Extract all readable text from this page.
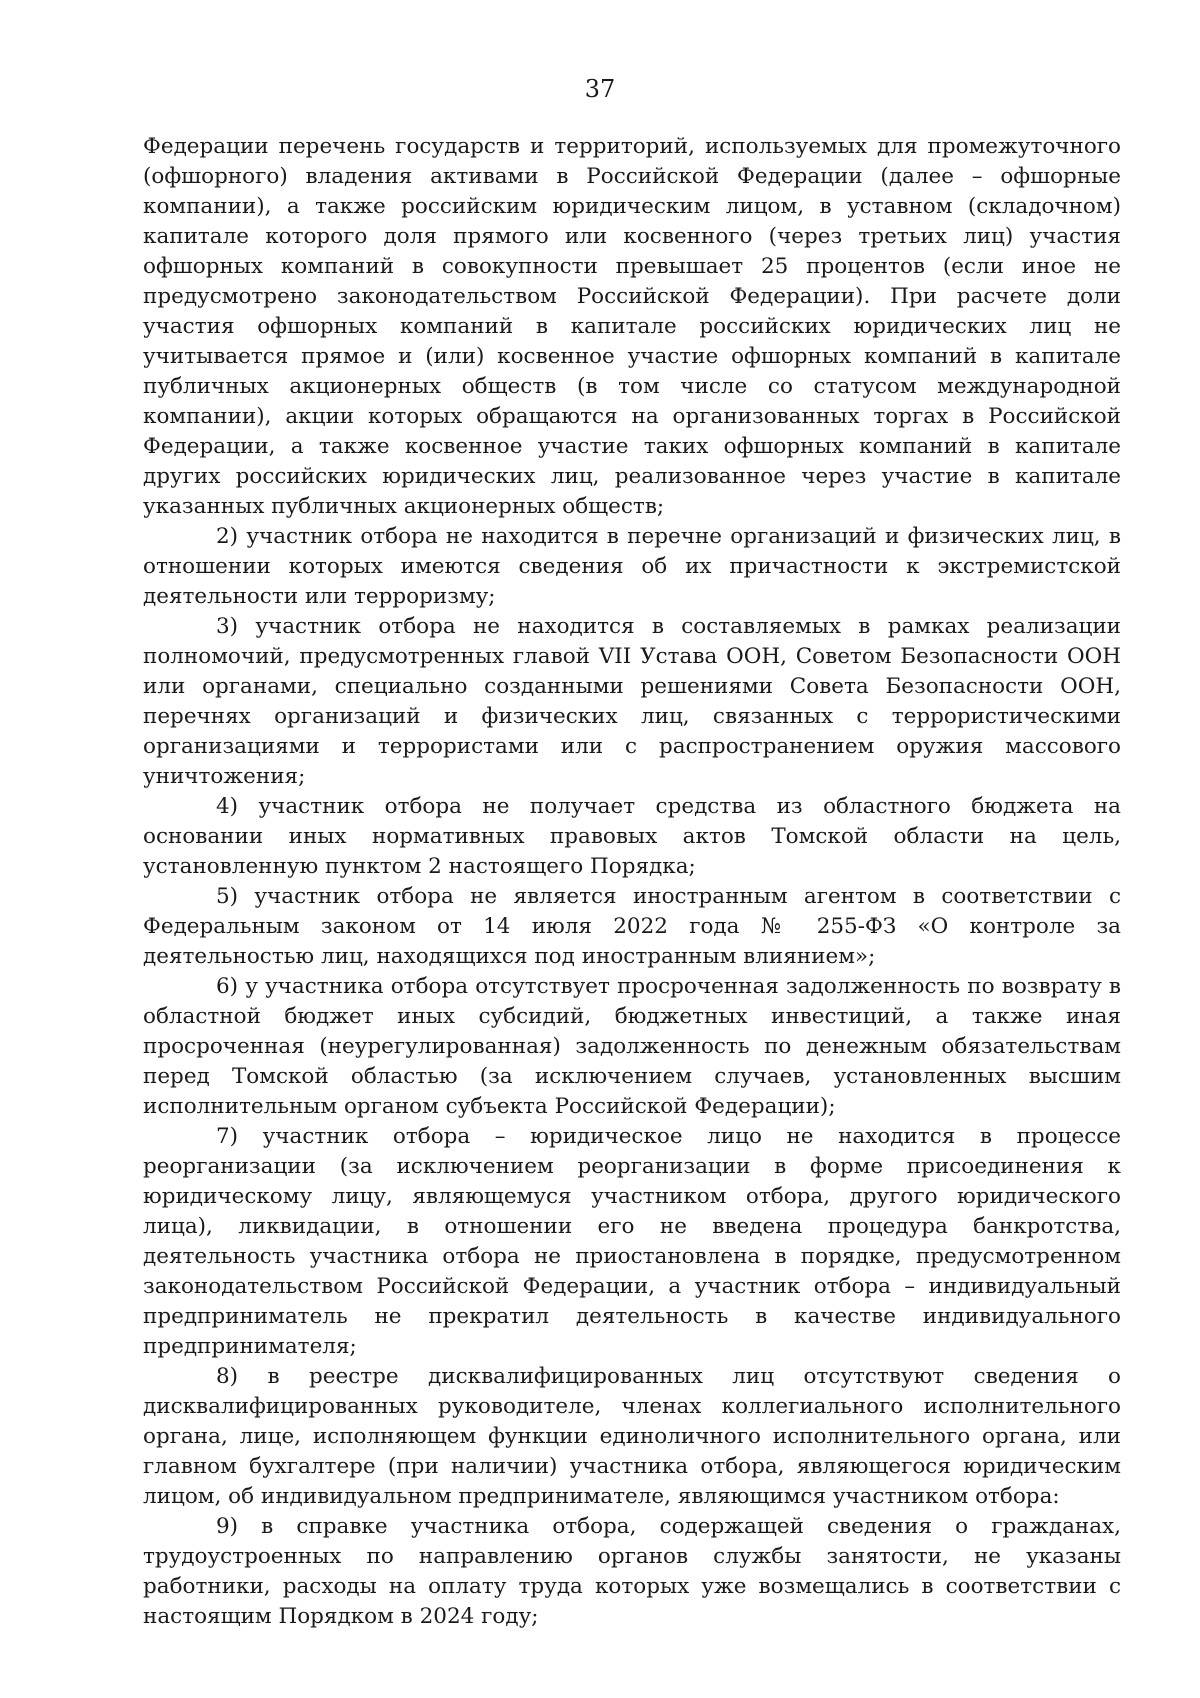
37

Федерации перечень государств и территорий, используемых для промежуточного (офшорного) владения активами в Российской Федерации (далее – офшорные компании), а также российским юридическим лицом, в уставном (складочном) капитале которого доля прямого или косвенного (через третьих лиц) участия офшорных компаний в совокупности превышает 25 процентов (если иное не предусмотрено законодательством Российской Федерации). При расчете доли участия офшорных компаний в капитале российских юридических лиц не учитывается прямое и (или) косвенное участие офшорных компаний в капитале публичных акционерных обществ (в том числе со статусом международной компании), акции которых обращаются на организованных торгах в Российской Федерации, а также косвенное участие таких офшорных компаний в капитале других российских юридических лиц, реализованное через участие в капитале указанных публичных акционерных обществ;

2) участник отбора не находится в перечне организаций и физических лиц, в отношении которых имеются сведения об их причастности к экстремистской деятельности или терроризму;

3) участник отбора не находится в составляемых в рамках реализации полномочий, предусмотренных главой VII Устава ООН, Советом Безопасности ООН или органами, специально созданными решениями Совета Безопасности ООН, перечнях организаций и физических лиц, связанных с террористическими организациями и террористами или с распространением оружия массового уничтожения;

4) участник отбора не получает средства из областного бюджета на основании иных нормативных правовых актов Томской области на цель, установленную пунктом 2 настоящего Порядка;

5) участник отбора не является иностранным агентом в соответствии с Федеральным законом от 14 июля 2022 года № 255-ФЗ «О контроле за деятельностью лиц, находящихся под иностранным влиянием»;

6) у участника отбора отсутствует просроченная задолженность по возврату в областной бюджет иных субсидий, бюджетных инвестиций, а также иная просроченная (неурегулированная) задолженность по денежным обязательствам перед Томской областью (за исключением случаев, установленных высшим исполнительным органом субъекта Российской Федерации);

7) участник отбора – юридическое лицо не находится в процессе реорганизации (за исключением реорганизации в форме присоединения к юридическому лицу, являющемуся участником отбора, другого юридического лица), ликвидации, в отношении его не введена процедура банкротства, деятельность участника отбора не приостановлена в порядке, предусмотренном законодательством Российской Федерации, а участник отбора – индивидуальный предприниматель не прекратил деятельность в качестве индивидуального предпринимателя;

8) в реестре дисквалифицированных лиц отсутствуют сведения о дисквалифицированных руководителе, членах коллегиального исполнительного органа, лице, исполняющем функции единоличного исполнительного органа, или главном бухгалтере (при наличии) участника отбора, являющегося юридическим лицом, об индивидуальном предпринимателе, являющимся участником отбора:

9) в справке участника отбора, содержащей сведения о гражданах, трудоустроенных по направлению органов службы занятости, не указаны работники, расходы на оплату труда которых уже возмещались в соответствии с настоящим Порядком в 2024 году;
